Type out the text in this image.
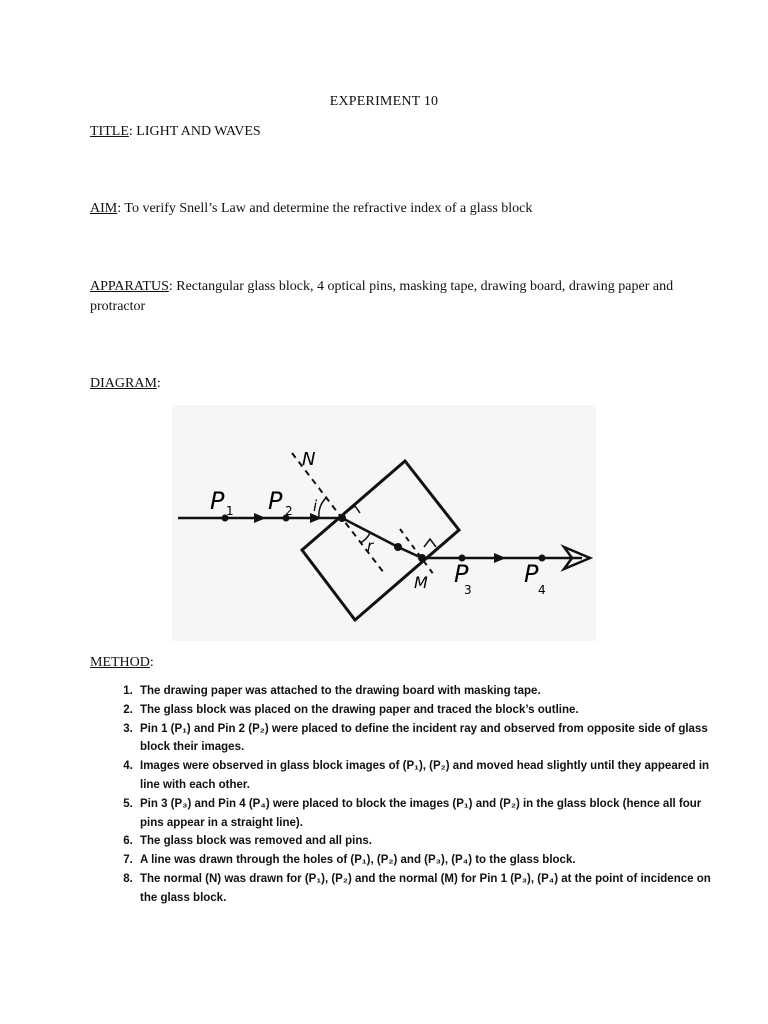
EXPERIMENT 10
TITLE: LIGHT AND WAVES
AIM: To verify Snell’s Law and determine the refractive index of a glass block
APPARATUS: Rectangular glass block, 4 optical pins, masking tape, drawing board, drawing paper and protractor
DIAGRAM:
P 1 P 2
N
i
r
M P
3
P
4
METHOD:
1. The drawing paper was attached to the drawing board with masking tape.
2. The glass block was placed on the drawing paper and traced the block’s outline.
3. Pin 1 (P₁) and Pin 2 (P₂) were placed to define the incident ray and observed from opposite side of glass block their images.
4. Images were observed in glass block images of (P₁), (P₂) and moved head slightly until they appeared in line with each other.
5. Pin 3 (P₃) and Pin 4 (P₄) were placed to block the images (P₁) and (P₂) in the glass block (hence all four pins appear in a straight line).
6. The glass block was removed and all pins.
7. A line was drawn through the holes of (P₁), (P₂) and (P₃), (P₄) to the glass block.
8. The normal (N) was drawn for (P₁), (P₂) and the normal (M) for Pin 1 (P₃), (P₄) at the point of incidence on the glass block.
